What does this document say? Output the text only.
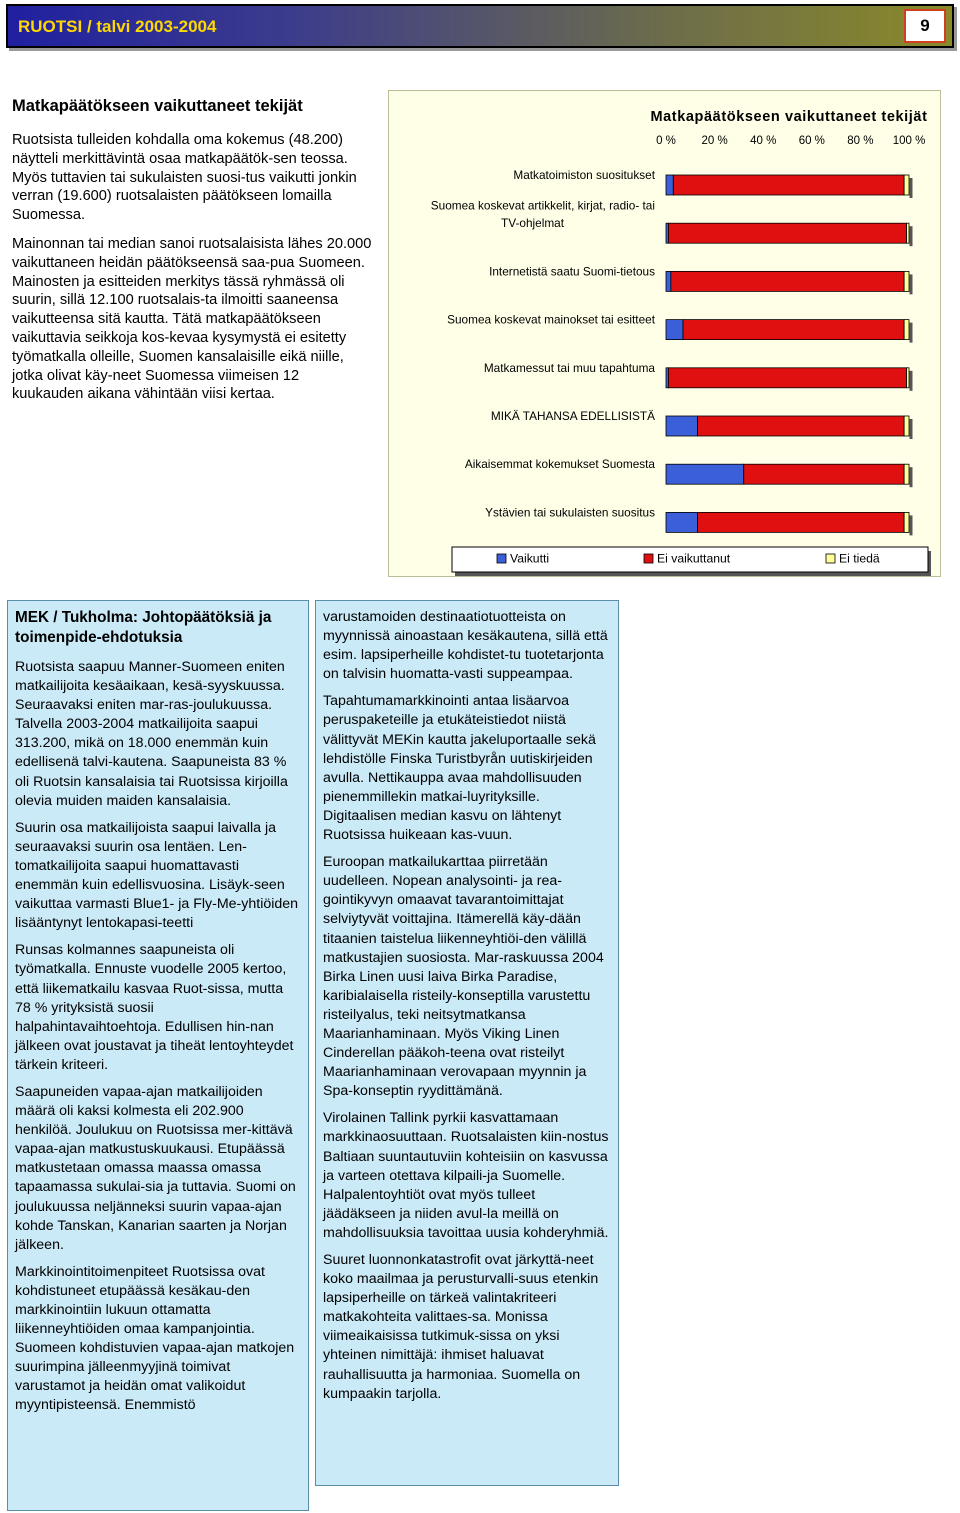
RUOTSI / talvi 2003-2004	9
Matkapäätökseen vaikuttaneet tekijät

Ruotsista tulleiden kohdalla oma kokemus (48.200) näytteli merkittävintä osaa matkapäätök-sen teossa. Myös tuttavien tai sukulaisten suosi-tus vaikutti jonkin verran (19.600) ruotsalaisten päätökseen lomailla Suomessa.

Mainonnan tai median sanoi ruotsalaisista lähes 20.000 vaikuttaneen heidän päätökseensä saa-pua Suomeen. Mainosten ja esitteiden merkitys tässä ryhmässä oli suurin, sillä 12.100 ruotsalais-ta ilmoitti saaneensa vaikutteensa sitä kautta. Tätä matkapäätökseen vaikuttavia seikkoja kos-kevaa kysymystä ei esitetty työmatkalla olleille, Suomen kansalaisille eikä niille, jotka olivat käy-neet Suomessa viimeisen 12 kuukauden aikana vähintään viisi kertaa.

Matkapäätökseen vaikuttaneet tekijät
0 % 20 % 40 % 60 % 80 % 100 %
Matkatoimiston suositukset
Suomea koskevat artikkelit, kirjat, radio- tai TV-ohjelmat
Internetistä saatu Suomi-tietous
Suomea koskevat mainokset tai esitteet
Matkamessut tai muu tapahtuma
MIKÄ TAHANSA EDELLISISTÄ
Aikaisemmat kokemukset Suomesta
Ystävien tai sukulaisten suositus
Vaikutti	Ei vaikuttanut	Ei tiedä
MEK / Tukholma: Johtopäätöksiä ja toimenpide-ehdotuksia

Ruotsista saapuu Manner-Suomeen eniten matkailijoita kesäaikaan, kesä-syyskuussa. Seuraavaksi eniten mar-ras-joulukuussa. Talvella 2003-2004 matkailijoita saapui 313.200, mikä on 18.000 enemmän kuin edellisenä talvi-kautena. Saapuneista 83 % oli Ruotsin kansalaisia tai Ruotsissa kirjoilla olevia muiden maiden kansalaisia.

Suurin osa matkailijoista saapui laivalla ja seuraavaksi suurin osa lentäen. Len-tomatkailijoita saapui huomattavasti enemmän kuin edellisvuosina. Lisäyk-seen vaikuttaa varmasti Blue1- ja Fly-Me-yhtiöiden lisääntynyt lentokapasi-teetti

Runsas kolmannes saapuneista oli työmatkalla. Ennuste vuodelle 2005 kertoo, että liikematkailu kasvaa Ruot-sissa, mutta 78 % yrityksistä suosii halpahintavaihtoehtoja. Edullisen hin-nan jälkeen ovat joustavat ja tiheät lentoyhteydet tärkein kriteeri.

Saapuneiden vapaa-ajan matkailijoiden määrä oli kaksi kolmesta eli 202.900 henkilöä. Joulukuu on Ruotsissa mer-kittävä vapaa-ajan matkustuskuukausi. Etupäässä matkustetaan omassa maassa omassa tapaamassa sukulai-sia ja tuttavia. Suomi on joulukuussa neljänneksi suurin vapaa-ajan kohde Tanskan, Kanarian saarten ja Norjan jälkeen.

Markkinointitoimenpiteet Ruotsissa ovat kohdistuneet etupäässä kesäkau-den markkinointiin lukuun ottamatta liikenneyhtiöiden omaa kampanjointia. Suomeen kohdistuvien vapaa-ajan matkojen suurimpina jälleenmyyjinä toimivat varustamot ja heidän omat valikoidut myyntipisteensä. Enemmistö

varustamoiden destinaatiotuotteista on myynnissä ainoastaan kesäkautena, sillä että esim. lapsiperheille kohdistet-tu tuotetarjonta on talvisin huomatta-vasti suppeampaa.

Tapahtumamarkkinointi antaa lisäarvoa peruspaketeille ja etukäteistiedot niistä välittyvät MEKin kautta jakeluportaalle sekä lehdistölle Finska Turistbyrån uutiskirjeiden avulla. Nettikauppa avaa mahdollisuuden pienemmillekin matkai-luyrityksille. Digitaalisen median kasvu on lähtenyt Ruotsissa huikeaan kas-vuun.

Euroopan matkailukarttaa piirretään uudelleen. Nopean analysointi- ja rea-gointikyvyn omaavat tavarantoimittajat selviytyvät voittajina. Itämerellä käy-dään titaanien taistelua liikenneyhtiöi-den välillä matkustajien suosiosta. Mar-raskuussa 2004 Birka Linen uusi laiva Birka Paradise, karibialaisella risteily-konseptilla varustettu risteilyalus, teki neitsytmatkansa Maarianhaminaan. Myös Viking Linen Cinderellan pääkoh-teena ovat risteilyt Maarianhaminaan verovapaan myynnin ja Spa-konseptin ryydittämänä.

Virolainen Tallink pyrkii kasvattamaan markkinaosuuttaan. Ruotsalaisten kiin-nostus Baltiaan suuntautuviin kohteisiin on kasvussa ja varteen otettava kilpaili-ja Suomelle. Halpalentoyhtiöt ovat myös tulleet jäädäkseen ja niiden avul-la meillä on mahdollisuuksia tavoittaa uusia kohderyhmiä.

Suuret luonnonkatastrofit ovat järkyttä-neet koko maailmaa ja perusturvalli-suus etenkin lapsiperheille on tärkeä valintakriteeri matkakohteita valittaes-sa. Monissa viimeaikaisissa tutkimuk-sissa on yksi yhteinen nimittäjä: ihmiset haluavat rauhallisuutta ja harmoniaa. Suomella on kumpaakin tarjolla.
